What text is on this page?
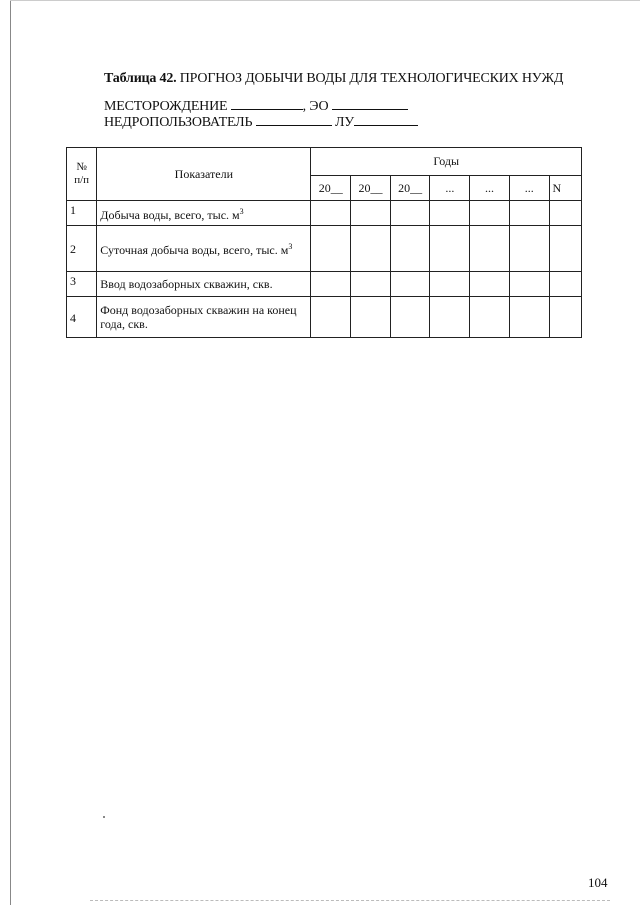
Таблица 42. ПРОГНОЗ ДОБЫЧИ ВОДЫ ДЛЯ ТЕХНОЛОГИЧЕСКИХ НУЖД
МЕСТОРОЖДЕНИЕ	, ЭО
НЕДРОПОЛЬЗОВАТЕЛЬ	ЛУ
№
п/п	Показатели	Годы						
		20__	20__	20__	...	...	...	N
1	Добыча воды, всего, тыс. $м^3$							
2	Суточная добыча воды, всего, тыс. $м^3$							
3	Ввод водозаборных скважин, скв.							
4	Фонд водозаборных скважин на конец года, скв.							
104
